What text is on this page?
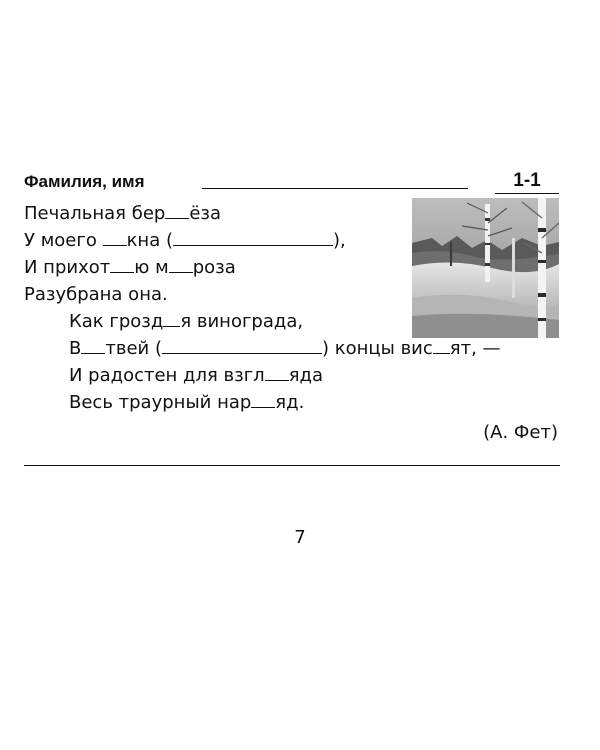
Фамилия, имя	1-1
Печальная бер ёза
У моего кна (	),
И прихот ю м роза
Разубрана она.
Как грозд я винограда,
В твей (	) концы вис ят, —
И радостен для взгл яда
Весь траурный нар яд.
(А. Фет)
7
